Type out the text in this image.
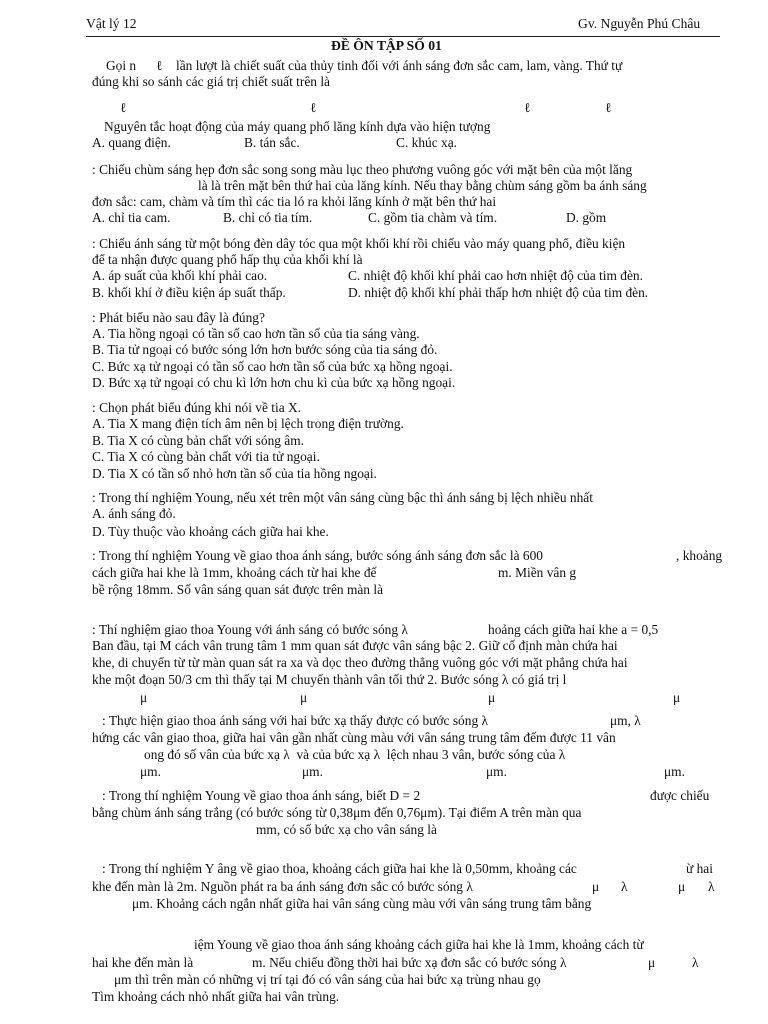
Vật lý 12	Gv. Nguyễn Phú Châu
ĐỀ ÔN TẬP SỐ 01
Gọi n ℓ lần lượt là chiết suất của thủy tinh đối với ánh sáng đơn sắc cam, lam, vàng. Thứ tự
đúng khi so sánh các giá trị chiết suất trên là
ℓ	ℓ	ℓ	ℓ
Nguyên tắc hoạt động của máy quang phổ lăng kính dựa vào hiện tượng
A. quang điện.	B. tán sắc.	C. khúc xạ.
: Chiếu chùm sáng hẹp đơn sắc song song màu lục theo phương vuông góc với mặt bên của một lăng
là là trên mặt bên thứ hai của lăng kính. Nếu thay bằng chùm sáng gồm ba ánh sáng
đơn sắc: cam, chàm và tím thì các tia ló ra khỏi lăng kính ở mặt bên thứ hai
A. chỉ tia cam.	B. chỉ có tia tím.	C. gồm tia chàm và tím.	D. gồm
: Chiếu ánh sáng từ một bóng đèn dây tóc qua một khối khí rồi chiếu vào máy quang phổ, điều kiện
để ta nhận được quang phổ hấp thụ của khối khí là
A. áp suất của khối khí phải cao.	C. nhiệt độ khối khí phải cao hơn nhiệt độ của tim đèn.
B. khối khí ở điều kiện áp suất thấp.	D. nhiệt độ khối khí phải thấp hơn nhiệt độ của tim đèn.
: Phát biểu nào sau đây là đúng?
A. Tia hồng ngoại có tần số cao hơn tần số của tia sáng vàng.
B. Tia tử ngoại có bước sóng lớn hơn bước sóng của tia sáng đỏ.
C. Bức xạ tử ngoại có tần số cao hơn tần số của bức xạ hồng ngoại.
D. Bức xạ tử ngoại có chu kì lớn hơn chu kì của bức xạ hồng ngoại.
: Chọn phát biểu đúng khi nói về tia X.
A. Tia X mang điện tích âm nên bị lệch trong điện trường.
B. Tia X có cùng bản chất với sóng âm.
C. Tia X có cùng bản chất với tia tử ngoại.
D. Tia X có tần số nhỏ hơn tần số của tia hồng ngoại.
: Trong thí nghiệm Young, nếu xét trên một vân sáng cùng bậc thì ánh sáng bị lệch nhiều nhất
A. ánh sáng đỏ.
D. Tùy thuộc vào khoảng cách giữa hai khe.
: Trong thí nghiệm Young về giao thoa ánh sáng, bước sóng ánh sáng đơn sắc là 600	, khoảng
cách giữa hai khe là 1mm, khoảng cách từ hai khe đế	m. Miền vân g
bề rộng 18mm. Số vân sáng quan sát được trên màn là
: Thí nghiệm giao thoa Young với ánh sáng có bước sóng λ	hoảng cách giữa hai khe a = 0,5
Ban đầu, tại M cách vân trung tâm 1 mm quan sát được vân sáng bậc 2. Giữ cố định màn chứa hai
khe, di chuyển từ từ màn quan sát ra xa và dọc theo đường thẳng vuông góc với mặt phẳng chứa hai
khe một đoạn 50/3 cm thì thấy tại M chuyển thành vân tối thứ 2. Bước sóng λ có giá trị l
μ	μ	μ	μ
: Thực hiện giao thoa ánh sáng với hai bức xạ thấy được có bước sóng λ	μm, λ
hứng các vân giao thoa, giữa hai vân gần nhất cùng màu với vân sáng trung tâm đếm được 11 vân
ong đó số vân của bức xạ λ  và của bức xạ λ  lệch nhau 3 vân, bước sóng của λ
μm.	μm.	μm.	μm.
: Trong thí nghiệm Young về giao thoa ánh sáng, biết D = 2	được chiếu
bằng chùm ánh sáng trắng (có bước sóng từ 0,38μm đến 0,76μm). Tại điểm A trên màn qua
mm, có số bức xạ cho vân sáng là
: Trong thí nghiệm Y âng về giao thoa, khoảng cách giữa hai khe là 0,50mm, khoảng các	ừ hai
khe đến màn là 2m. Nguồn phát ra ba ánh sáng đơn sắc có bước sóng λ	μ λ	μ λ
μm. Khoảng cách ngắn nhất giữa hai vân sáng cùng màu với vân sáng trung tâm bằng
iệm Young về giao thoa ánh sáng khoảng cách giữa hai khe là 1mm, khoảng cách từ
hai khe đến màn là	m. Nếu chiếu đồng thời hai bức xạ đơn sắc có bước sóng λ	μ	λ
μm thì trên màn có những vị trí tại đó có vân sáng của hai bức xạ trùng nhau gọ
Tìm khoảng cách nhỏ nhất giữa hai vân trùng.
